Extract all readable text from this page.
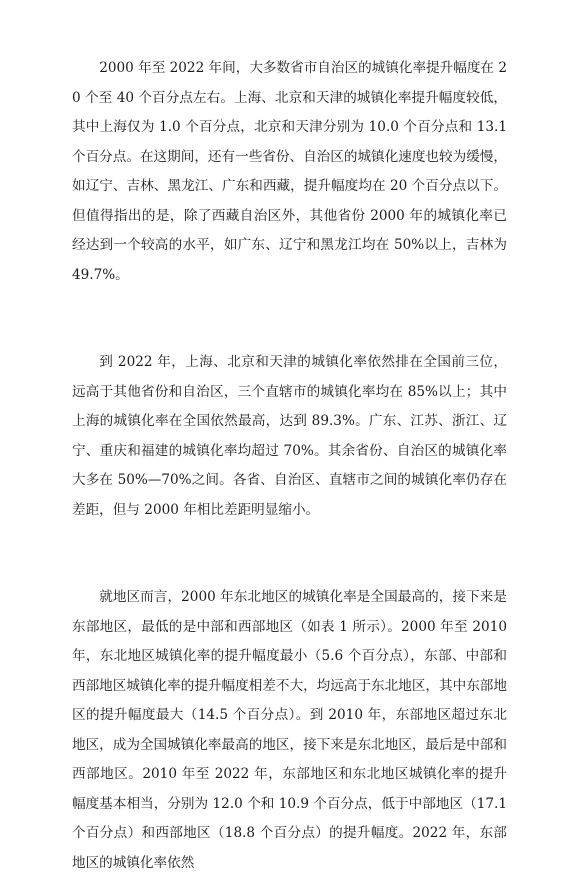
2000 年至 2022 年间，大多数省市自治区的城镇化率提升幅度在 20 个至 40 个百分点左右。上海、北京和天津的城镇化率提升幅度较低，其中上海仅为 1.0 个百分点，北京和天津分别为 10.0 个百分点和 13.1 个百分点。在这期间，还有一些省份、自治区的城镇化速度也较为缓慢，如辽宁、吉林、黑龙江、广东和西藏，提升幅度均在 20 个百分点以下。但值得指出的是，除了西藏自治区外，其他省份 2000 年的城镇化率已经达到一个较高的水平，如广东、辽宁和黑龙江均在 50%以上，吉林为 49.7%。

到 2022 年，上海、北京和天津的城镇化率依然排在全国前三位，远高于其他省份和自治区，三个直辖市的城镇化率均在 85%以上；其中上海的城镇化率在全国依然最高，达到 89.3%。广东、江苏、浙江、辽宁、重庆和福建的城镇化率均超过 70%。其余省份、自治区的城镇化率大多在 50%—70%之间。各省、自治区、直辖市之间的城镇化率仍存在差距，但与 2000 年相比差距明显缩小。

就地区而言，2000 年东北地区的城镇化率是全国最高的，接下来是东部地区，最低的是中部和西部地区（如表 1 所示）。2000 年至 2010 年，东北地区城镇化率的提升幅度最小（5.6 个百分点），东部、中部和西部地区城镇化率的提升幅度相差不大，均远高于东北地区，其中东部地区的提升幅度最大（14.5 个百分点）。到 2010 年，东部地区超过东北地区，成为全国城镇化率最高的地区，接下来是东北地区，最后是中部和西部地区。2010 年至 2022 年，东部地区和东北地区城镇化率的提升幅度基本相当，分别为 12.0 个和 10.9 个百分点，低于中部地区（17.1 个百分点）和西部地区（18.8 个百分点）的提升幅度。2022 年，东部地区的城镇化率依然
